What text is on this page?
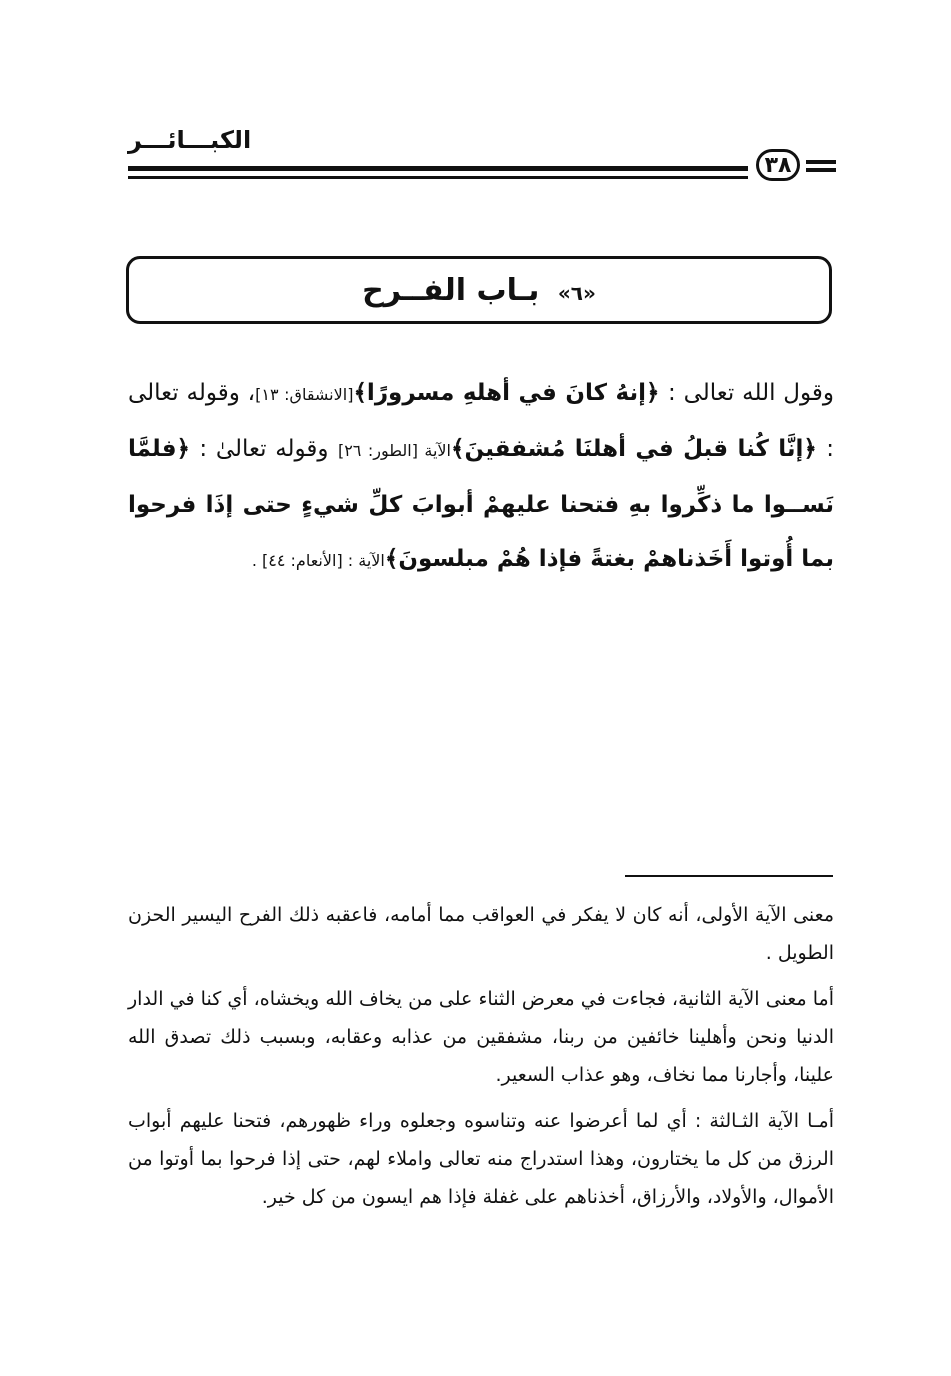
الكبـــائـــر
٣٨
«٦» بـاب الفــرح
وقول الله تعالى : ﴿إنهُ كانَ في أهلهِ مسرورًا﴾[الانشقاق: ١٣]، وقوله تعالى : ﴿إنَّا كُنا قبلُ في أهلنَا مُشفقينَ﴾الآية [الطور: ٢٦] وقوله تعالىٰ : ﴿فلمَّا نَســوا ما ذكِّروا بهِ فتحنا عليهمْ أبوابَ كلِّ شيءٍ حتى إذَا فرحوا بما أُوتوا أَخَذناهمْ بغتةً فإذا هُمْ مبلسونَ﴾الآية : [الأنعام: ٤٤] .

معنى الآية الأولى، أنه كان لا يفكر في العواقب مما أمامه، فاعقبه ذلك الفرح اليسير الحزن الطويل .

أما معنى الآية الثانية، فجاءت في معرض الثناء على من يخاف الله ويخشاه، أي كنا في الدار الدنيا ونحن وأهلينا خائفين من ربنا، مشفقين من عذابه وعقابه، وبسبب ذلك تصدق الله علينا، وأجارنا مما نخاف، وهو عذاب السعير.

أمـا الآية الثـالثة : أي لما أعرضوا عنه وتناسوه وجعلوه وراء ظهورهم، فتحنا عليهم أبواب الرزق من كل ما يختارون، وهذا استدراج منه تعالى واملاء لهم، حتى إذا فرحوا بما أوتوا من الأموال، والأولاد، والأرزاق، أخذناهم على غفلة فإذا هم ايسون من كل خير.
